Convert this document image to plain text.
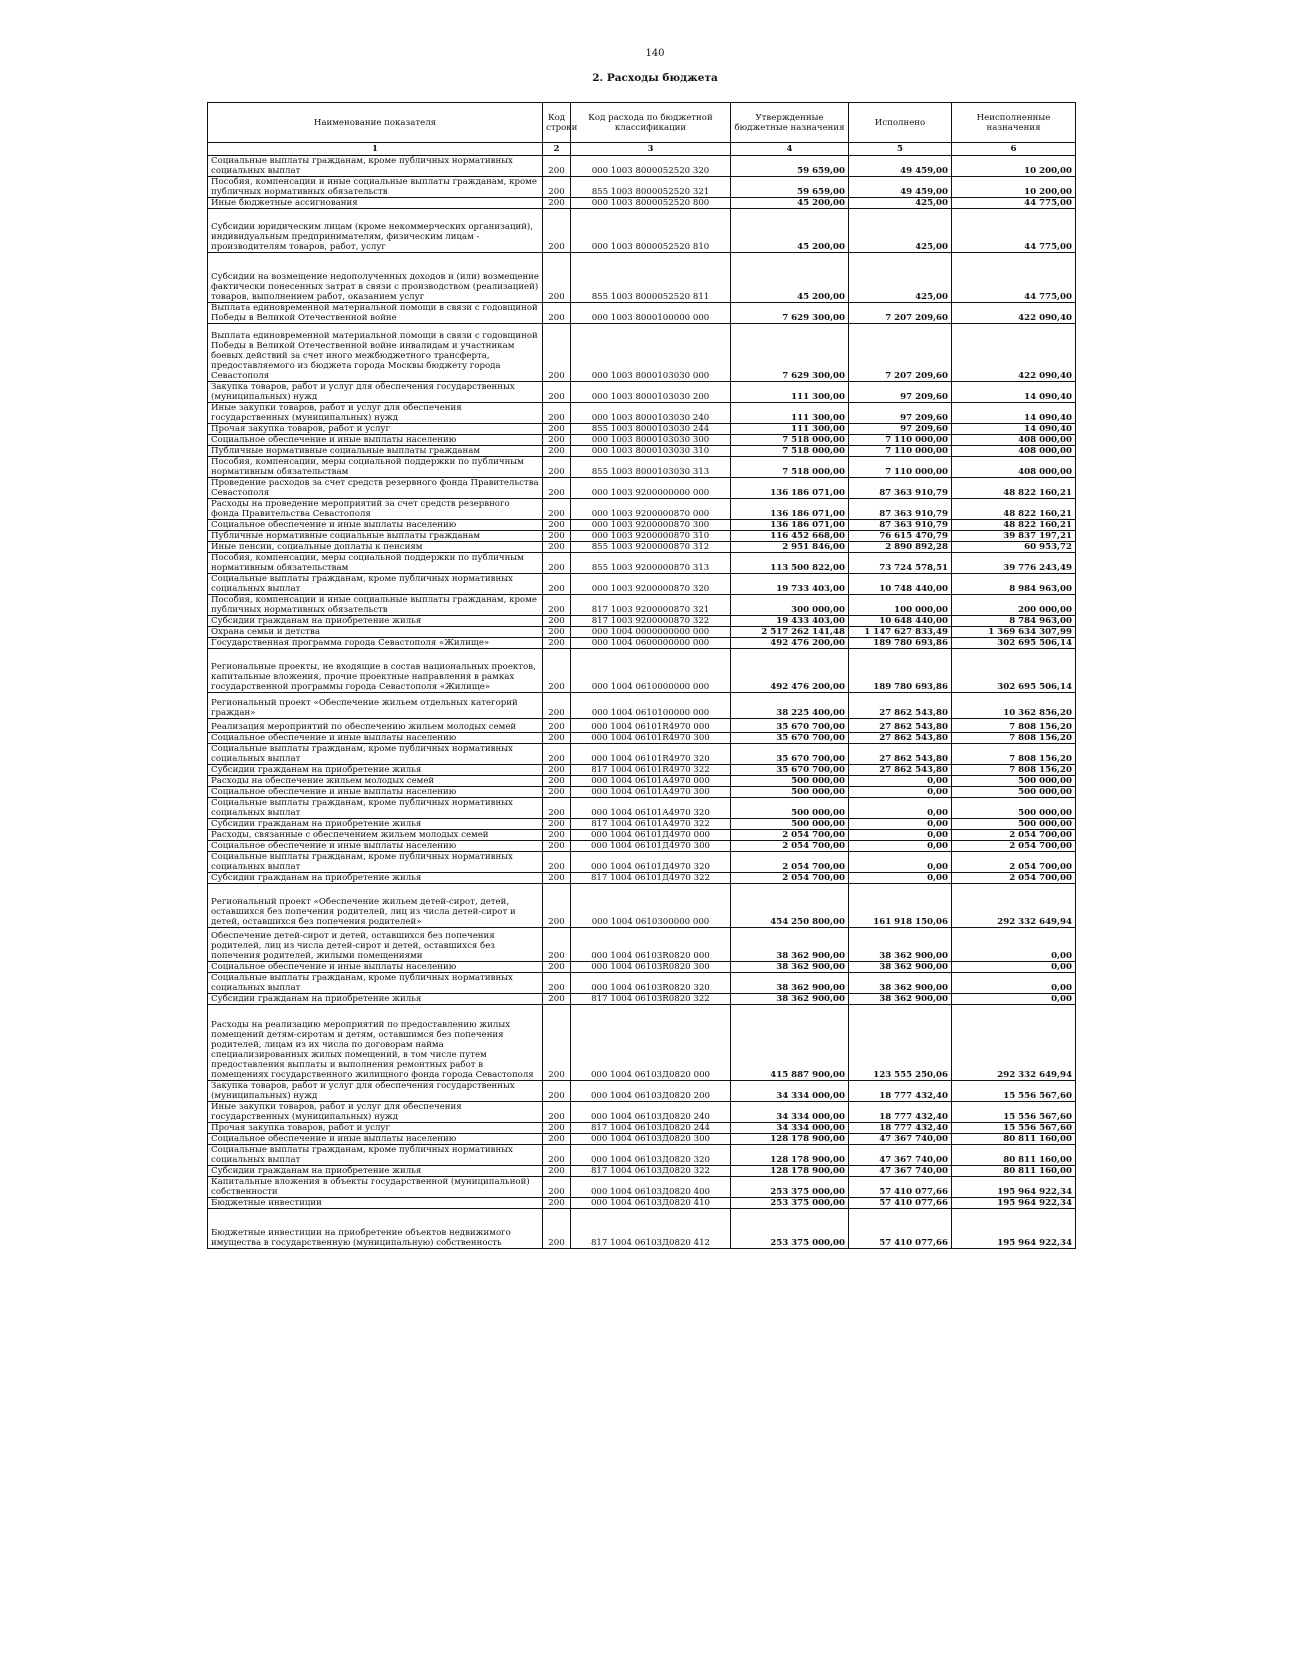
140
2. Расходы бюджета
Наименование показателя	Код строки	Код расхода по бюджетной классификации	Утвержденные бюджетные назначения	Исполнено	Неисполненные назначения
1	2	3	4	5	6
Социальные выплаты гражданам, кроме публичных нормативных социальных выплат	200	000 1003 8000052520 320	59 659,00	49 459,00	10 200,00
Пособия, компенсации и иные социальные выплаты гражданам, кроме публичных нормативных обязательств	200	855 1003 8000052520 321	59 659,00	49 459,00	10 200,00
Иные бюджетные ассигнования	200	000 1003 8000052520 800	45 200,00	425,00	44 775,00
Субсидии юридическим лицам (кроме некоммерческих организаций), индивидуальным предпринимателям, физическим лицам - производителям товаров, работ, услуг	200	000 1003 8000052520 810	45 200,00	425,00	44 775,00
Субсидии на возмещение недополученных доходов и (или) возмещение фактически понесенных затрат в связи с производством (реализацией) товаров, выполнением работ, оказанием услуг	200	855 1003 8000052520 811	45 200,00	425,00	44 775,00
Выплата единовременной материальной помощи в связи с годовщиной Победы в Великой Отечественной войне	200	000 1003 8000100000 000	7 629 300,00	7 207 209,60	422 090,40
Выплата единовременной материальной помощи в связи с годовщиной Победы в Великой Отечественной войне инвалидам и участникам боевых действий за счет иного межбюджетного трансферта, предоставляемого из бюджета города Москвы бюджету города Севастополя	200	000 1003 8000103030 000	7 629 300,00	7 207 209,60	422 090,40
Закупка товаров, работ и услуг для обеспечения государственных (муниципальных) нужд	200	000 1003 8000103030 200	111 300,00	97 209,60	14 090,40
Иные закупки товаров, работ и услуг для обеспечения государственных (муниципальных) нужд	200	000 1003 8000103030 240	111 300,00	97 209,60	14 090,40
Прочая закупка товаров, работ и услуг	200	855 1003 8000103030 244	111 300,00	97 209,60	14 090,40
Социальное обеспечение и иные выплаты населению	200	000 1003 8000103030 300	7 518 000,00	7 110 000,00	408 000,00
Публичные нормативные социальные выплаты гражданам	200	000 1003 8000103030 310	7 518 000,00	7 110 000,00	408 000,00
Пособия, компенсации, меры социальной поддержки по публичным нормативным обязательствам	200	855 1003 8000103030 313	7 518 000,00	7 110 000,00	408 000,00
Проведение расходов за счет средств резервного фонда Правительства Севастополя	200	000 1003 9200000000 000	136 186 071,00	87 363 910,79	48 822 160,21
Расходы на проведение мероприятий за счет средств резервного фонда Правительства Севастополя	200	000 1003 9200000870 000	136 186 071,00	87 363 910,79	48 822 160,21
Социальное обеспечение и иные выплаты населению	200	000 1003 9200000870 300	136 186 071,00	87 363 910,79	48 822 160,21
Публичные нормативные социальные выплаты гражданам	200	000 1003 9200000870 310	116 452 668,00	76 615 470,79	39 837 197,21
Иные пенсии, социальные доплаты к пенсиям	200	855 1003 9200000870 312	2 951 846,00	2 890 892,28	60 953,72
Пособия, компенсации, меры социальной поддержки по публичным нормативным обязательствам	200	855 1003 9200000870 313	113 500 822,00	73 724 578,51	39 776 243,49
Социальные выплаты гражданам, кроме публичных нормативных социальных выплат	200	000 1003 9200000870 320	19 733 403,00	10 748 440,00	8 984 963,00
Пособия, компенсации и иные социальные выплаты гражданам, кроме публичных нормативных обязательств	200	817 1003 9200000870 321	300 000,00	100 000,00	200 000,00
Субсидии гражданам на приобретение жилья	200	817 1003 9200000870 322	19 433 403,00	10 648 440,00	8 784 963,00
Охрана семьи и детства	200	000 1004 0000000000 000	2 517 262 141,48	1 147 627 833,49	1 369 634 307,99
Государственная программа города Севастополя «Жилище»	200	000 1004 0600000000 000	492 476 200,00	189 780 693,86	302 695 506,14
Региональные проекты, не входящие в состав национальных проектов, капитальные вложения, прочие проектные направления в рамках государственной программы города Севастополя «Жилище»	200	000 1004 0610000000 000	492 476 200,00	189 780 693,86	302 695 506,14
Региональный проект «Обеспечение жильем отдельных категорий граждан»	200	000 1004 0610100000 000	38 225 400,00	27 862 543,80	10 362 856,20
Реализация мероприятий по обеспечению жильем молодых семей	200	000 1004 06101R4970 000	35 670 700,00	27 862 543,80	7 808 156,20
Социальное обеспечение и иные выплаты населению	200	000 1004 06101R4970 300	35 670 700,00	27 862 543,80	7 808 156,20
Социальные выплаты гражданам, кроме публичных нормативных социальных выплат	200	000 1004 06101R4970 320	35 670 700,00	27 862 543,80	7 808 156,20
Субсидии гражданам на приобретение жилья	200	817 1004 06101R4970 322	35 670 700,00	27 862 543,80	7 808 156,20
Расходы на обеспечение жильем молодых семей	200	000 1004 06101А4970 000	500 000,00	0,00	500 000,00
Социальное обеспечение и иные выплаты населению	200	000 1004 06101А4970 300	500 000,00	0,00	500 000,00
Социальные выплаты гражданам, кроме публичных нормативных социальных выплат	200	000 1004 06101А4970 320	500 000,00	0,00	500 000,00
Субсидии гражданам на приобретение жилья	200	817 1004 06101А4970 322	500 000,00	0,00	500 000,00
Расходы, связанные с обеспечением жильем молодых семей	200	000 1004 06101Д4970 000	2 054 700,00	0,00	2 054 700,00
Социальное обеспечение и иные выплаты населению	200	000 1004 06101Д4970 300	2 054 700,00	0,00	2 054 700,00
Социальные выплаты гражданам, кроме публичных нормативных социальных выплат	200	000 1004 06101Д4970 320	2 054 700,00	0,00	2 054 700,00
Субсидии гражданам на приобретение жилья	200	817 1004 06101Д4970 322	2 054 700,00	0,00	2 054 700,00
Региональный проект «Обеспечение жильем детей-сирот, детей, оставшихся без попечения родителей, лиц из числа детей-сирот и детей, оставшихся без попечения родителей»	200	000 1004 0610300000 000	454 250 800,00	161 918 150,06	292 332 649,94
Обеспечение детей-сирот и детей, оставшихся без попечения родителей, лиц из числа детей-сирот и детей, оставшихся без попечения родителей, жилыми помещениями	200	000 1004 06103R0820 000	38 362 900,00	38 362 900,00	0,00
Социальное обеспечение и иные выплаты населению	200	000 1004 06103R0820 300	38 362 900,00	38 362 900,00	0,00
Социальные выплаты гражданам, кроме публичных нормативных социальных выплат	200	000 1004 06103R0820 320	38 362 900,00	38 362 900,00	0,00
Субсидии гражданам на приобретение жилья	200	817 1004 06103R0820 322	38 362 900,00	38 362 900,00	0,00
Расходы на реализацию мероприятий по предоставлению жилых помещений детям-сиротам и детям, оставшимся без попечения родителей, лицам из их числа по договорам найма специализированных жилых помещений, в том числе путем предоставления выплаты и выполнения ремонтных работ в помещениях государственного жилищного фонда города Севастополя	200	000 1004 06103Д0820 000	415 887 900,00	123 555 250,06	292 332 649,94
Закупка товаров, работ и услуг для обеспечения государственных (муниципальных) нужд	200	000 1004 06103Д0820 200	34 334 000,00	18 777 432,40	15 556 567,60
Иные закупки товаров, работ и услуг для обеспечения государственных (муниципальных) нужд	200	000 1004 06103Д0820 240	34 334 000,00	18 777 432,40	15 556 567,60
Прочая закупка товаров, работ и услуг	200	817 1004 06103Д0820 244	34 334 000,00	18 777 432,40	15 556 567,60
Социальное обеспечение и иные выплаты населению	200	000 1004 06103Д0820 300	128 178 900,00	47 367 740,00	80 811 160,00
Социальные выплаты гражданам, кроме публичных нормативных социальных выплат	200	000 1004 06103Д0820 320	128 178 900,00	47 367 740,00	80 811 160,00
Субсидии гражданам на приобретение жилья	200	817 1004 06103Д0820 322	128 178 900,00	47 367 740,00	80 811 160,00
Капитальные вложения в объекты государственной (муниципальной) собственности	200	000 1004 06103Д0820 400	253 375 000,00	57 410 077,66	195 964 922,34
Бюджетные инвестиции	200	000 1004 06103Д0820 410	253 375 000,00	57 410 077,66	195 964 922,34
Бюджетные инвестиции на приобретение объектов недвижимого имущества в государственную (муниципальную) собственность	200	817 1004 06103Д0820 412	253 375 000,00	57 410 077,66	195 964 922,34
